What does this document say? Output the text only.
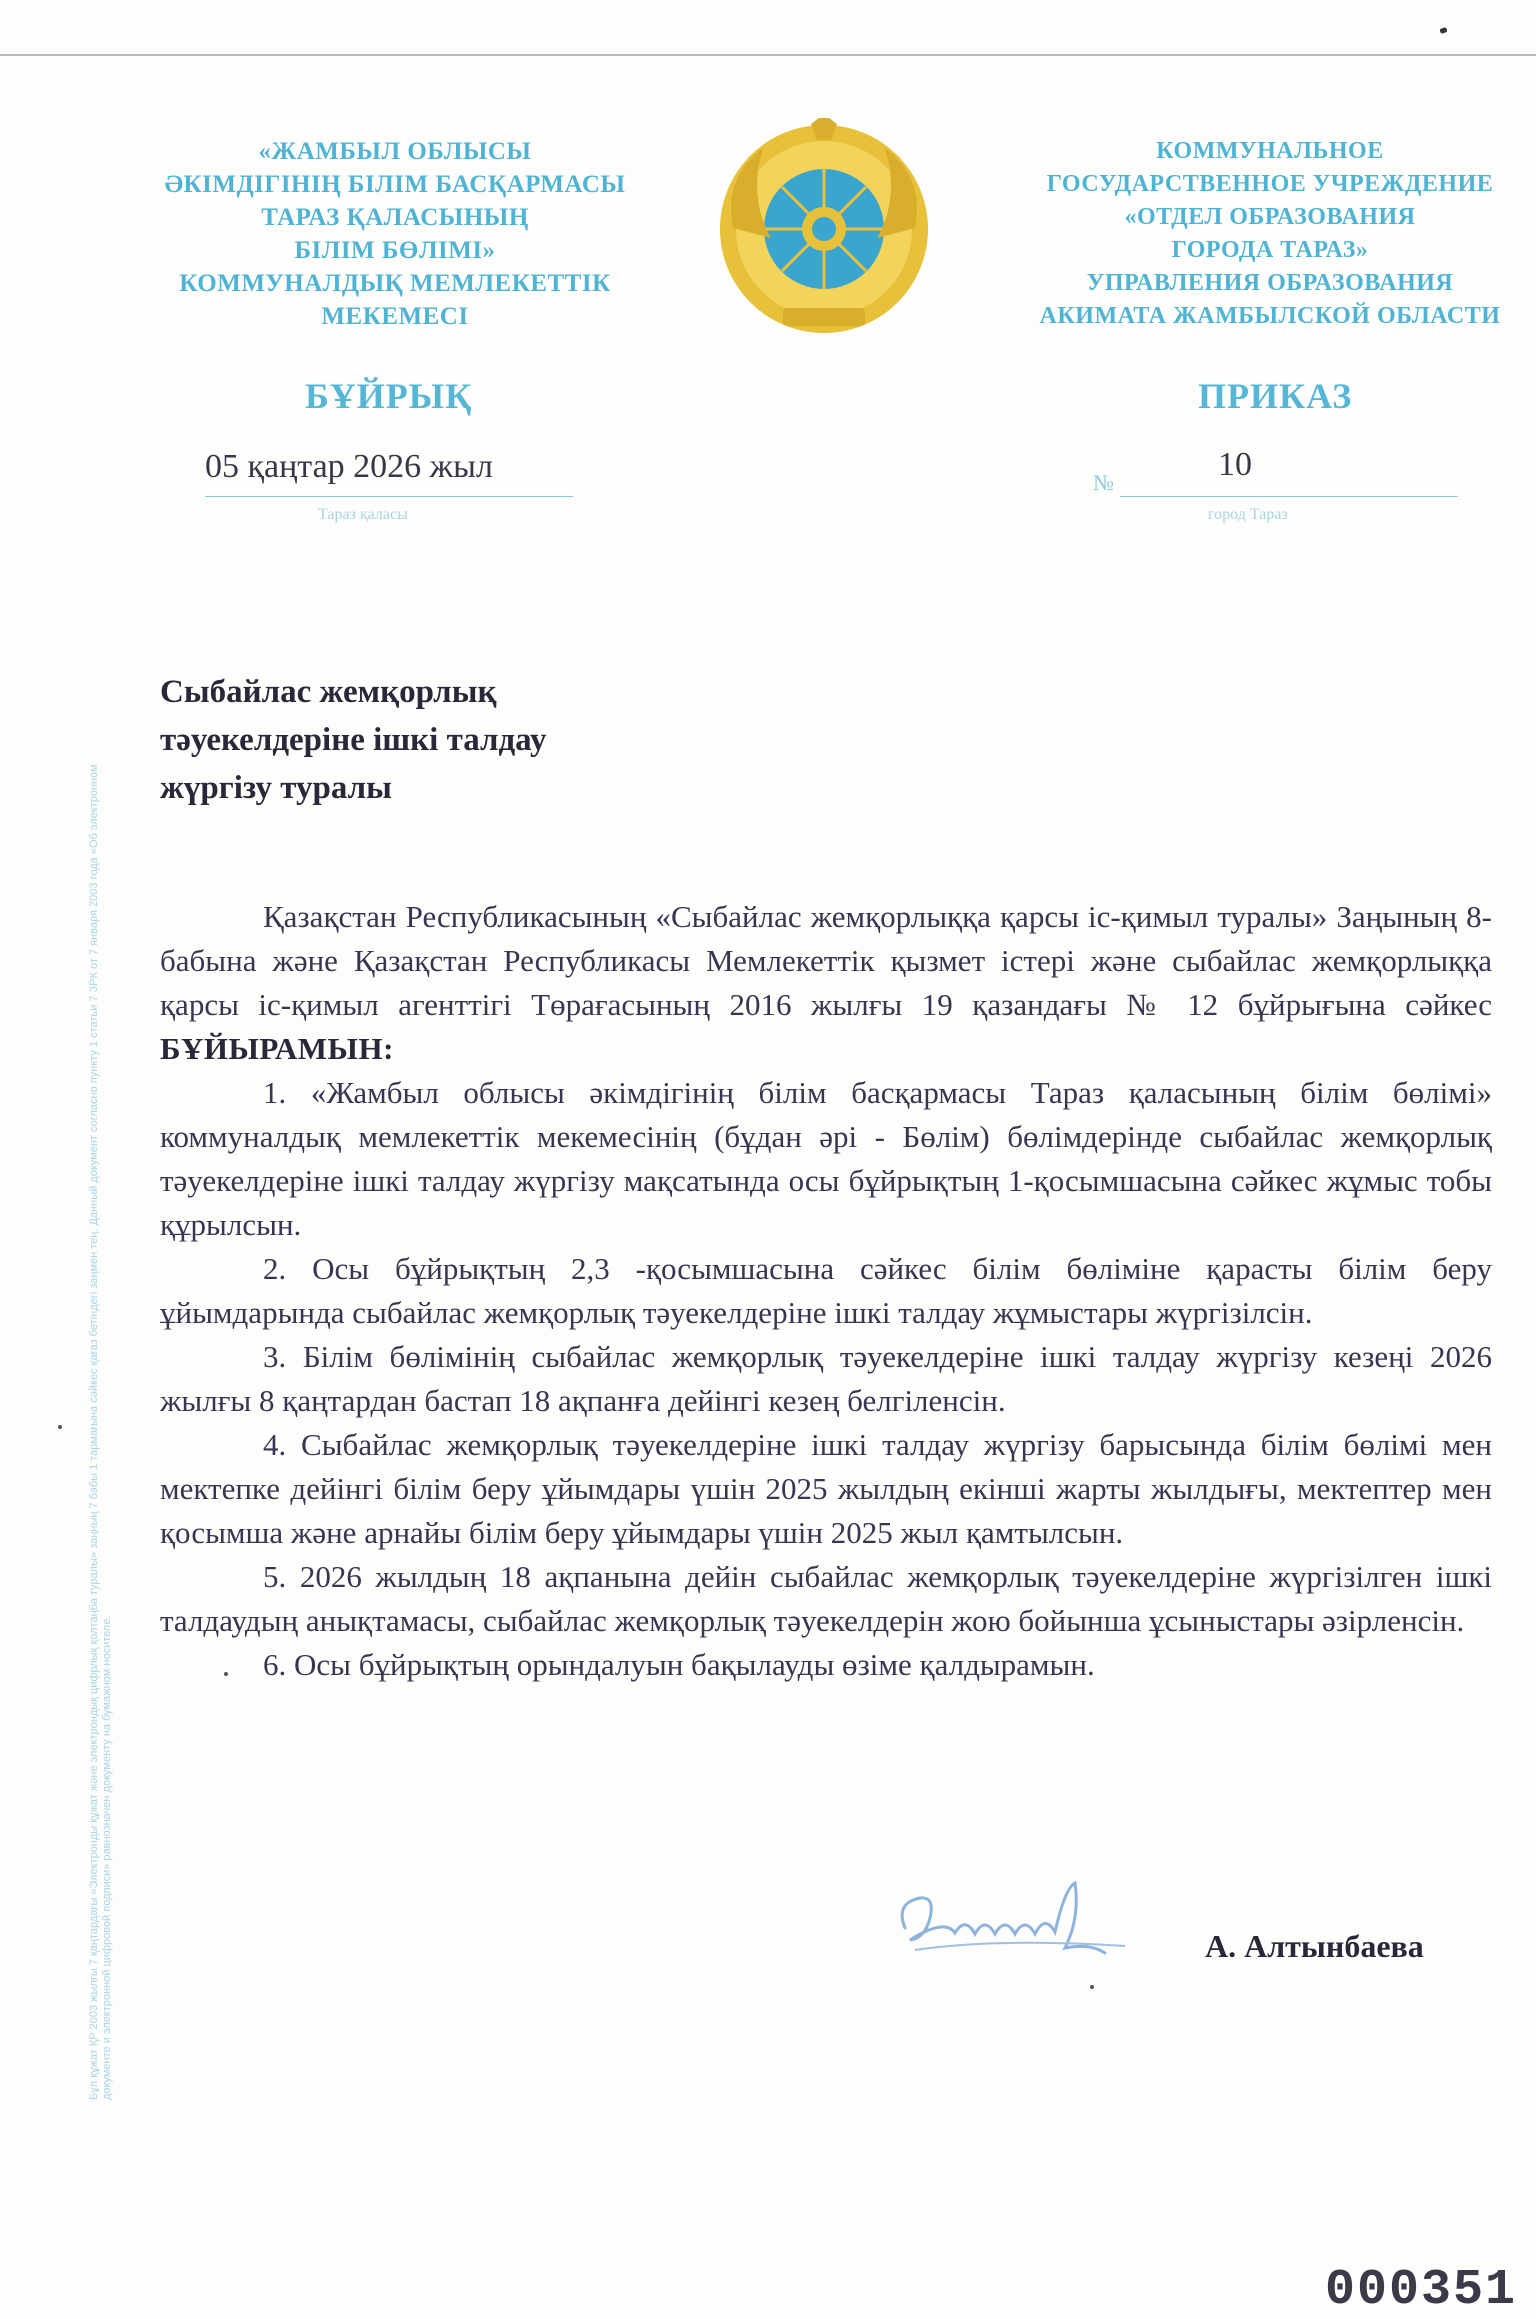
«ЖАМБЫЛ ОБЛЫСЫ
ӘКІМДІГІНІҢ БІЛІМ БАСҚАРМАСЫ
ТАРАЗ ҚАЛАСЫНЫҢ
БІЛІМ БӨЛІМІ»
КОММУНАЛДЫҚ МЕМЛЕКЕТТІК
МЕКЕМЕСІ
КОММУНАЛЬНОЕ
ГОСУДАРСТВЕННОЕ УЧРЕЖДЕНИЕ
«ОТДЕЛ ОБРАЗОВАНИЯ
ГОРОДА ТАРАЗ»
УПРАВЛЕНИЯ ОБРАЗОВАНИЯ
АКИМАТА ЖАМБЫЛСКОЙ ОБЛАСТИ
БҰЙРЫҚ	ПРИКАЗ
05 қаңтар 2026 жыл
Тараз қаласы
№	10
город Тараз
Сыбайлас жемқорлық
тәуекелдеріне ішкі талдау
жүргізу туралы

Қазақстан Республикасының «Сыбайлас жемқорлыққа қарсы іс-қимыл туралы» Заңының 8-бабына және Қазақстан Республикасы Мемлекеттік қызмет істері және сыбайлас жемқорлыққа қарсы іс-қимыл агенттігі Төрағасының 2016 жылғы 19 қазандағы № 12 бұйрығына сәйкес БҰЙЫРАМЫН:

1. «Жамбыл облысы әкімдігінің білім басқармасы Тараз қаласының білім бөлімі» коммуналдық мемлекеттік мекемесінің (бұдан әрі - Бөлім) бөлімдерінде сыбайлас жемқорлық тәуекелдеріне ішкі талдау жүргізу мақсатында осы бұйрықтың 1-қосымшасына сәйкес жұмыс тобы құрылсын.

2. Осы бұйрықтың 2,3 -қосымшасына сәйкес білім бөліміне қарасты білім беру ұйымдарында сыбайлас жемқорлық тәуекелдеріне ішкі талдау жұмыстары жүргізілсін.

3. Білім бөлімінің сыбайлас жемқорлық тәуекелдеріне ішкі талдау жүргізу кезеңі 2026 жылғы 8 қаңтардан бастап 18 ақпанға дейінгі кезең белгіленсін.

4. Сыбайлас жемқорлық тәуекелдеріне ішкі талдау жүргізу барысында білім бөлімі мен мектепке дейінгі білім беру ұйымдары үшін 2025 жылдың екінші жарты жылдығы, мектептер мен қосымша және арнайы білім беру ұйымдары үшін 2025 жыл қамтылсын.

5. 2026 жылдың 18 ақпанына дейін сыбайлас жемқорлық тәуекелдеріне жүргізілген ішкі талдаудың анықтамасы, сыбайлас жемқорлық тәуекелдерін жою бойынша ұсыныстары әзірленсін.

6. Осы бұйрықтың орындалуын бақылауды өзіме қалдырамын.

А. Алтынбаева
Бұл құжат ҚР 2003 жылғы 7 қаңтардағы «Электронды құжат және электрондық цифрлық қолтаңба туралы» заңның 7 бабы 1 тармағына сәйкес қағаз бетіндегі заңмен тең. Данный документ согласно пункту 1 статьи 7 ЗРК от 7 января 2003 года «Об электронном документе и электронной цифровой подписи» равнозначен документу на бумажном носителе.
000351
